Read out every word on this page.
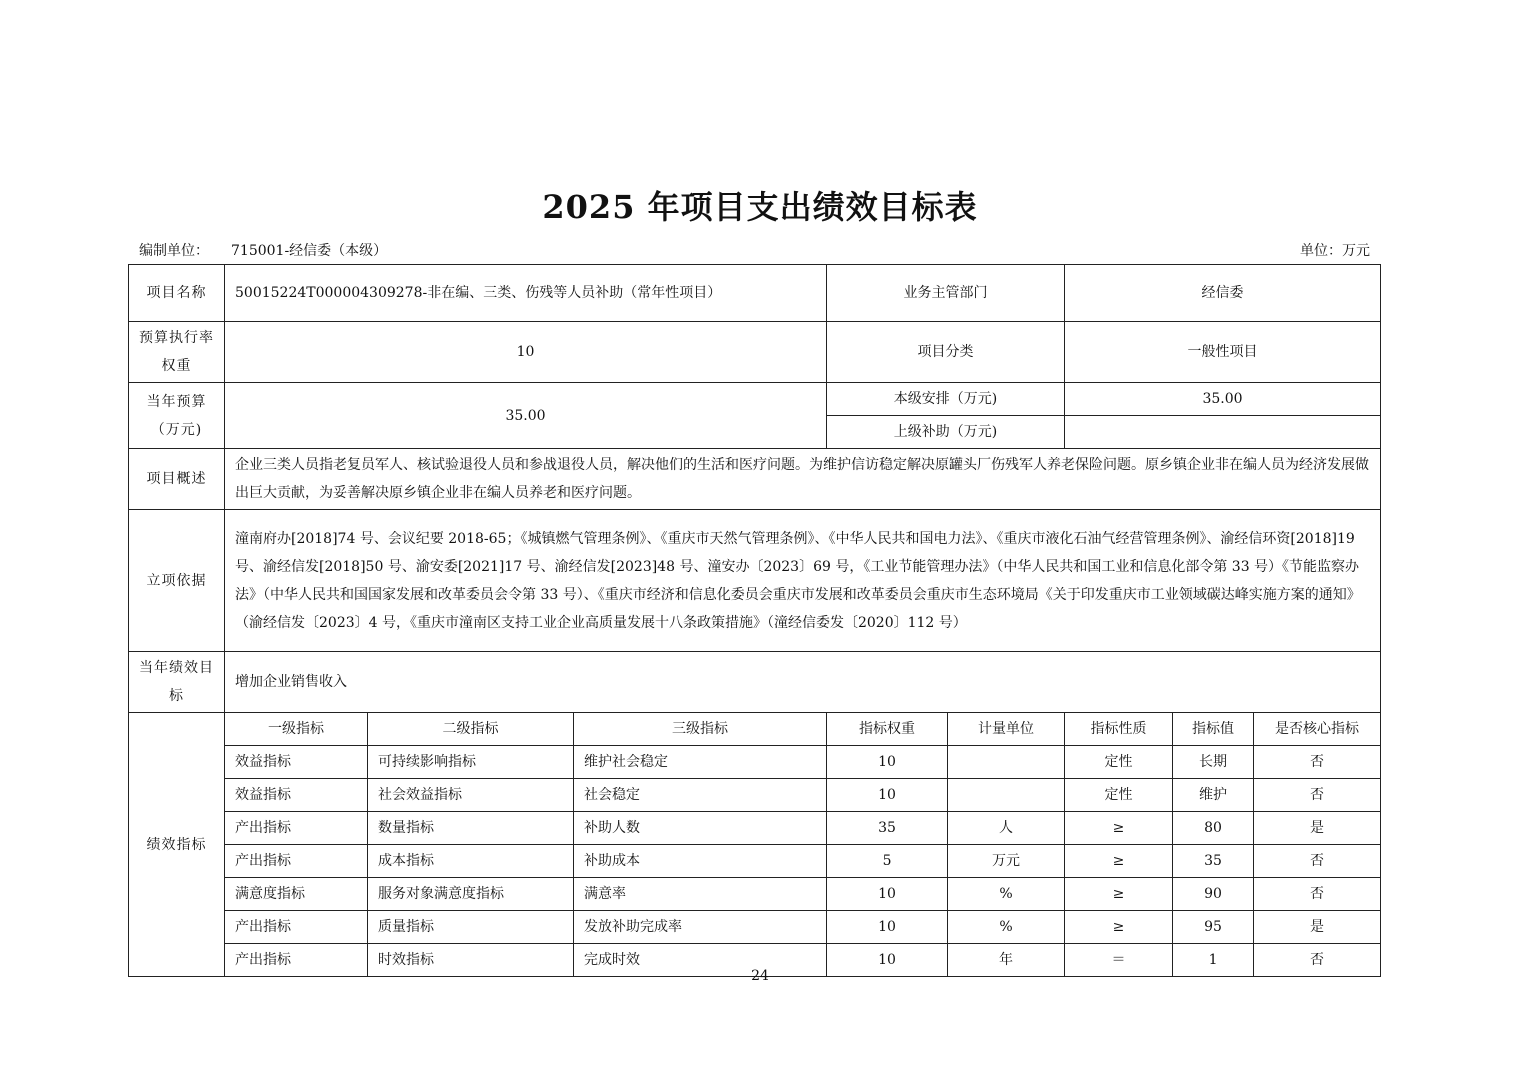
2025 年项目支出绩效目标表
编制单位： 715001-经信委（本级）	单位：万元
项目名称	50015224T000004309278-非在编、三类、伤残等人员补助（常年性项目）			业务主管部门		经信委		
预算执行率权重	10			项目分类		一般性项目		
当年预算（万元)	35.00			本级安排（万元)		35.00		
				上级补助（万元)				
项目概述	企业三类人员指老复员军人、核试验退役人员和参战退役人员，解决他们的生活和医疗问题。为维护信访稳定解决原罐头厂伤残军人养老保险问题。原乡镇企业非在编人员为经济发展做出巨大贡献，为妥善解决原乡镇企业非在编人员养老和医疗问题。							
立项依据	潼南府办[2018]74 号、会议纪要 2018-65；《城镇燃气管理条例》、《重庆市天然气管理条例》、《中华人民共和国电力法》、《重庆市液化石油气经营管理条例》、渝经信环资[2018]19 号、渝经信发[2018]50 号、渝安委[2021]17 号、渝经信发[2023]48 号、潼安办〔2023〕69 号，《工业节能管理办法》（中华人民共和国工业和信息化部令第 33 号）《节能监察办法》（中华人民共和国国家发展和改革委员会令第 33 号）、《重庆市经济和信息化委员会重庆市发展和改革委员会重庆市生态环境局《关于印发重庆市工业领域碳达峰实施方案的通知》（渝经信发〔2023〕4 号，《重庆市潼南区支持工业企业高质量发展十八条政策措施》（潼经信委发〔2020〕112 号）							
当年绩效目标	增加企业销售收入							
绩效指标	一级指标	二级指标	三级指标	指标权重	计量单位	指标性质	指标值	是否核心指标
	效益指标	可持续影响指标	维护社会稳定	10		定性	长期	否
	效益指标	社会效益指标	社会稳定	10		定性	维护	否
	产出指标	数量指标	补助人数	35	人	≥	80	是
	产出指标	成本指标	补助成本	5	万元	≥	35	否
	满意度指标	服务对象满意度指标	满意率	10	%	≥	90	否
	产出指标	质量指标	发放补助完成率	10	%	≥	95	是
	产出指标	时效指标	完成时效	10	年	＝	1	否
24
